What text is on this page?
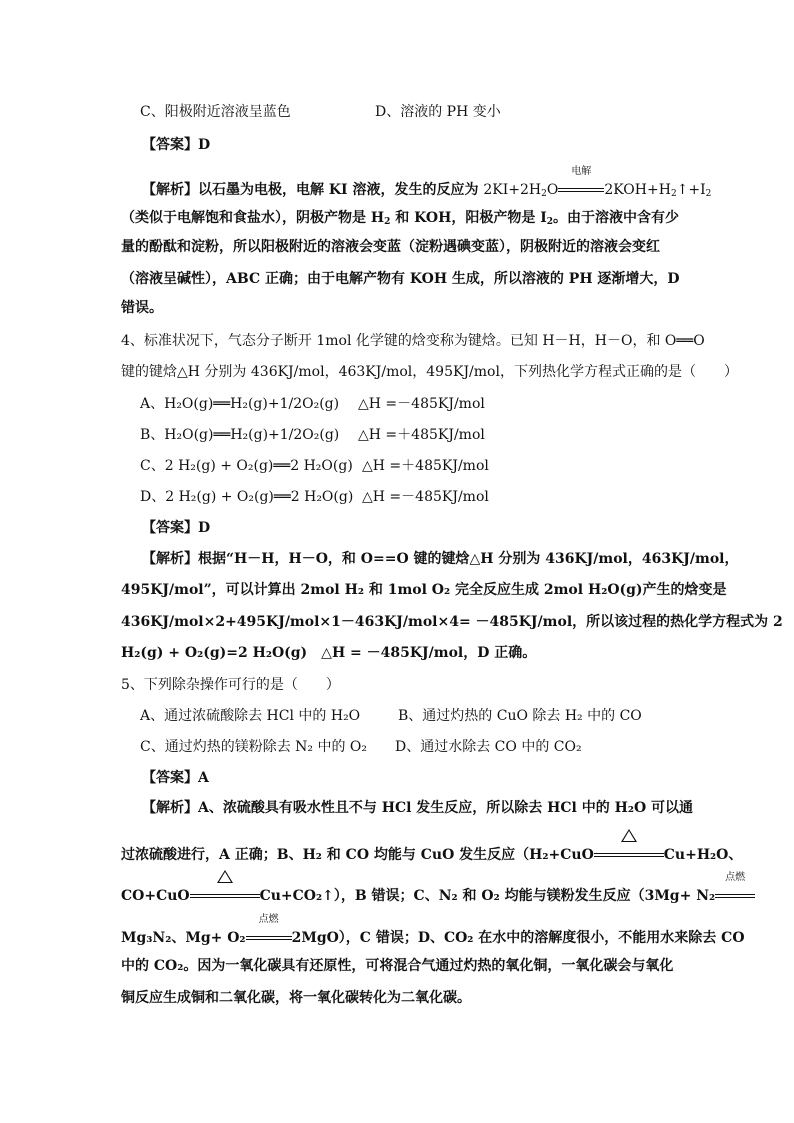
C、阳极附近溶液呈蓝色	D、溶液的 PH 变小
【答案】D
【解析】以石墨为电极，电解 KI 溶液，发生的反应为 $2KI+2H_2O$
电解
$2KOH+H_2↑+I_2$
（类似于电解饱和食盐水），阴极产物是 $H_2$ 和 KOH，阳极产物是 $I_2$。由于溶液中含有少
量的酚酞和淀粉，所以阳极附近的溶液会变蓝（淀粉遇碘变蓝），阴极附近的溶液会变红
（溶液呈碱性），ABC 正确；由于电解产物有 KOH 生成，所以溶液的 PH 逐渐增大，D
错误。
4、标准状况下，气态分子断开 1mol 化学键的焓变称为键焓。已知 H－H，H－O，和 O══O
键的键焓△H 分别为 436KJ/mol，463KJ/mol，495KJ/mol，下列热化学方程式正确的是（　　）
A、H₂O(g)══H₂(g)+1/2O₂(g) △H =－485KJ/mol
B、H₂O(g)══H₂(g)+1/2O₂(g) △H =＋485KJ/mol
C、2 H₂(g) + O₂(g)══2 H₂O(g) △H =＋485KJ/mol
D、2 H₂(g) + O₂(g)══2 H₂O(g) △H =－485KJ/mol
【答案】D
【解析】根据“H－H，H－O，和 O==O 键的键焓△H 分别为 436KJ/mol，463KJ/mol，
495KJ/mol”，可以计算出 2mol H₂ 和 1mol O₂ 完全反应生成 2mol H₂O(g)产生的焓变是
436KJ/mol×2+495KJ/mol×1－463KJ/mol×4= －485KJ/mol，所以该过程的热化学方程式为 2
H₂(g) + O₂(g)=2 H₂O(g)　△H = －485KJ/mol，D 正确。
5、下列除杂操作可行的是（　　）
A、通过浓硫酸除去 HCl 中的 H₂O	B、通过灼热的 CuO 除去 H₂ 中的 CO
C、通过灼热的镁粉除去 N₂ 中的 O₂ D、通过水除去 CO 中的 CO₂
【答案】A
【解析】A、浓硫酸具有吸水性且不与 HCl 发生反应，所以除去 HCl 中的 H₂O 可以通
过浓硫酸进行，A 正确；B、H₂ 和 CO 均能与 CuO 发生反应（H₂+CuO	Cu+H₂O、
CO+CuO	Cu+CO₂↑），B 错误；C、N₂ 和 O₂ 均能与镁粉发生反应（3Mg+ N₂
点燃
Mg₃N₂、Mg+ O₂
点燃
2MgO），C 错误；D、CO₂ 在水中的溶解度很小，不能用水来除去 CO
中的 CO₂。因为一氧化碳具有还原性，可将混合气通过灼热的氧化铜，一氧化碳会与氧化
铜反应生成铜和二氧化碳，将一氧化碳转化为二氧化碳。
